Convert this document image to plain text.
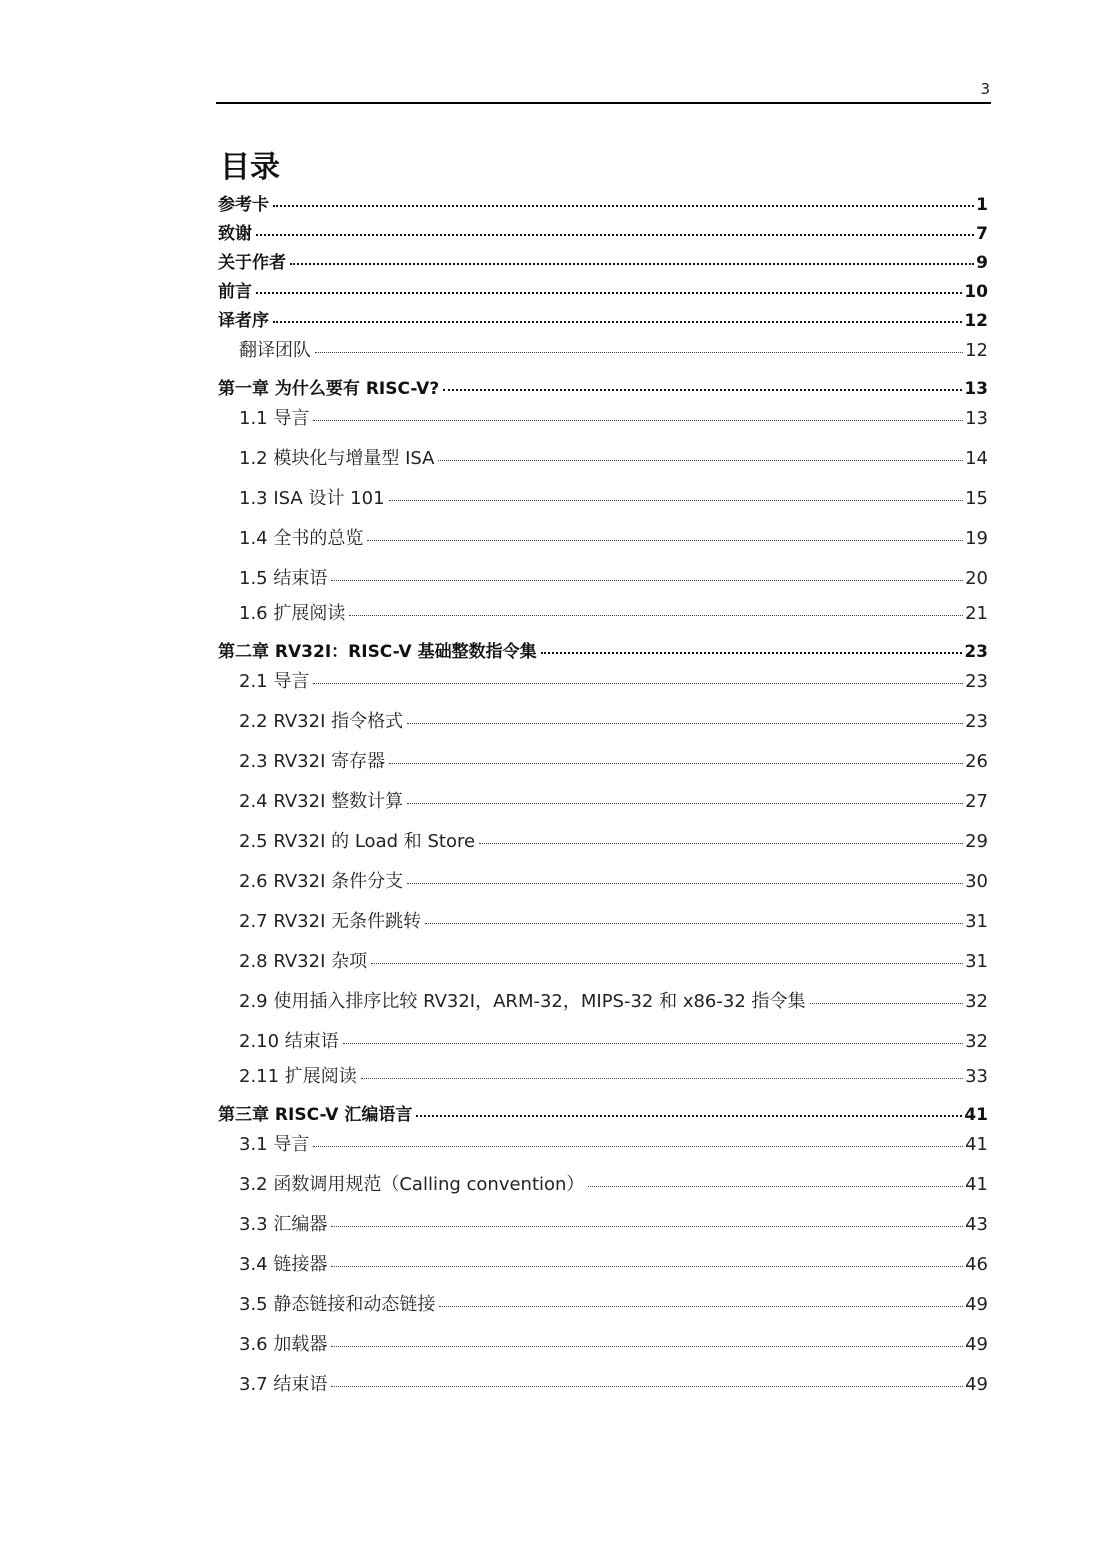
3
目录
参考卡	1
致谢	7
关于作者	9
前言	10
译者序	12
翻译团队	12
第一章 为什么要有 RISC-V?	13
1.1 导言	13
1.2 模块化与增量型 ISA	14
1.3 ISA 设计 101	15
1.4 全书的总览	19
1.5 结束语	20
1.6 扩展阅读	21
第二章 RV32I：RISC-V 基础整数指令集	23
2.1 导言	23
2.2 RV32I 指令格式	23
2.3 RV32I 寄存器	26
2.4 RV32I 整数计算	27
2.5 RV32I 的 Load 和 Store	29
2.6 RV32I 条件分支	30
2.7 RV32I 无条件跳转	31
2.8 RV32I 杂项	31
2.9 使用插入排序比较 RV32I，ARM-32，MIPS-32 和 x86-32 指令集	32
2.10 结束语	32
2.11 扩展阅读	33
第三章 RISC-V 汇编语言	41
3.1 导言	41
3.2 函数调用规范（Calling convention）	41
3.3 汇编器	43
3.4 链接器	46
3.5 静态链接和动态链接	49
3.6 加载器	49
3.7 结束语	49
